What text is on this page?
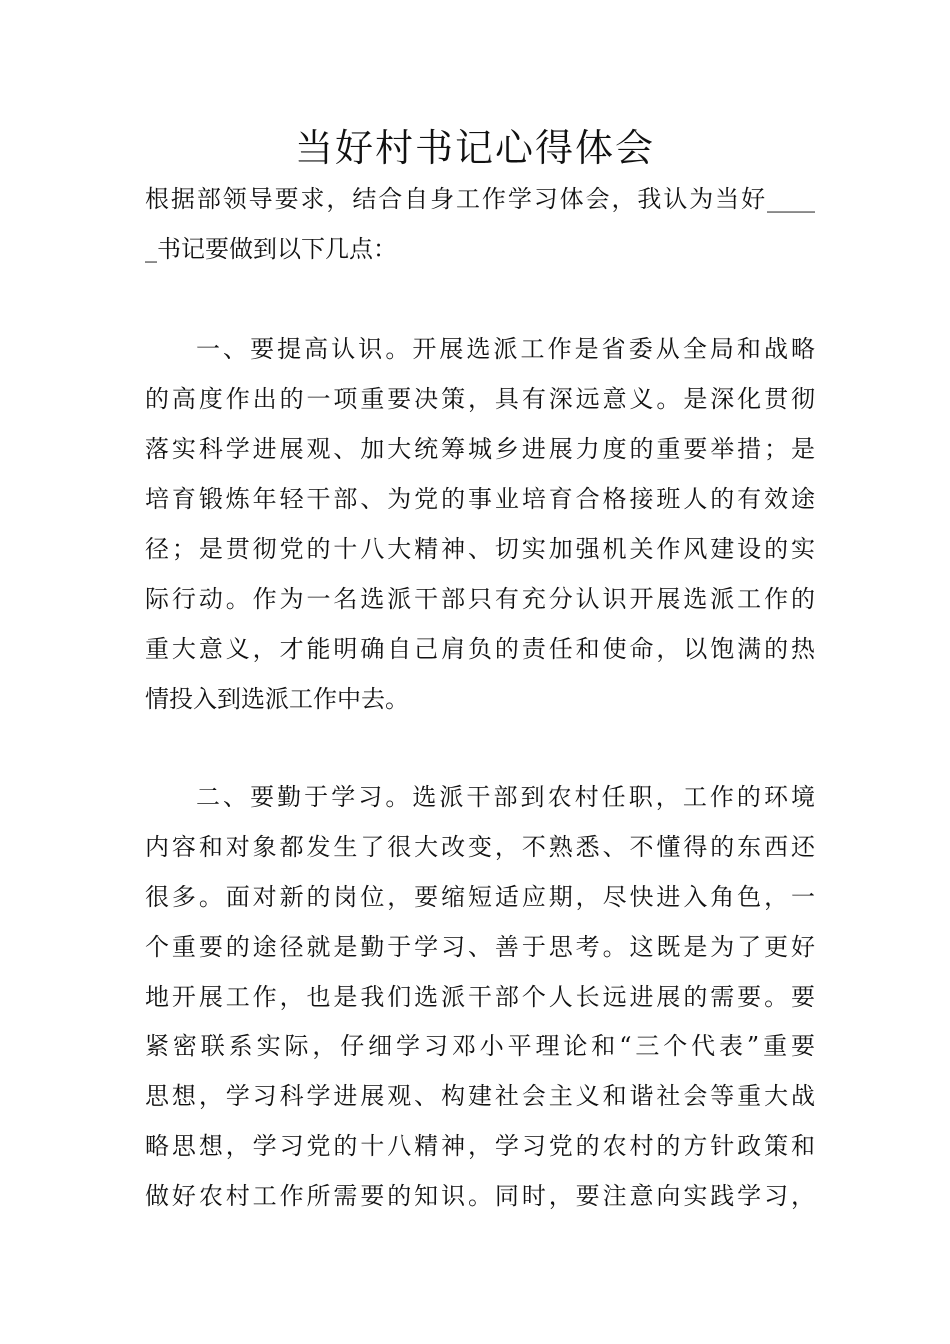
当好村书记心得体会
根据部领导要求，结合自身工作学习体会，我认为当好____
_书记要做到以下几点：
一、要提高认识。开展选派工作是省委从全局和战略
的高度作出的一项重要决策，具有深远意义。是深化贯彻
落实科学进展观、加大统筹城乡进展力度的重要举措；是
培育锻炼年轻干部、为党的事业培育合格接班人的有效途
径；是贯彻党的十八大精神、切实加强机关作风建设的实
际行动。作为一名选派干部只有充分认识开展选派工作的
重大意义，才能明确自己肩负的责任和使命，以饱满的热
情投入到选派工作中去。
二、要勤于学习。选派干部到农村任职，工作的环境
内容和对象都发生了很大改变，不熟悉、不懂得的东西还
很多。面对新的岗位，要缩短适应期，尽快进入角色，一
个重要的途径就是勤于学习、善于思考。这既是为了更好
地开展工作，也是我们选派干部个人长远进展的需要。要
紧密联系实际，仔细学习邓小平理论和“三个代表”重要
思想，学习科学进展观、构建社会主义和谐社会等重大战
略思想，学习党的十八精神，学习党的农村的方针政策和
做好农村工作所需要的知识。同时，要注意向实践学习，
